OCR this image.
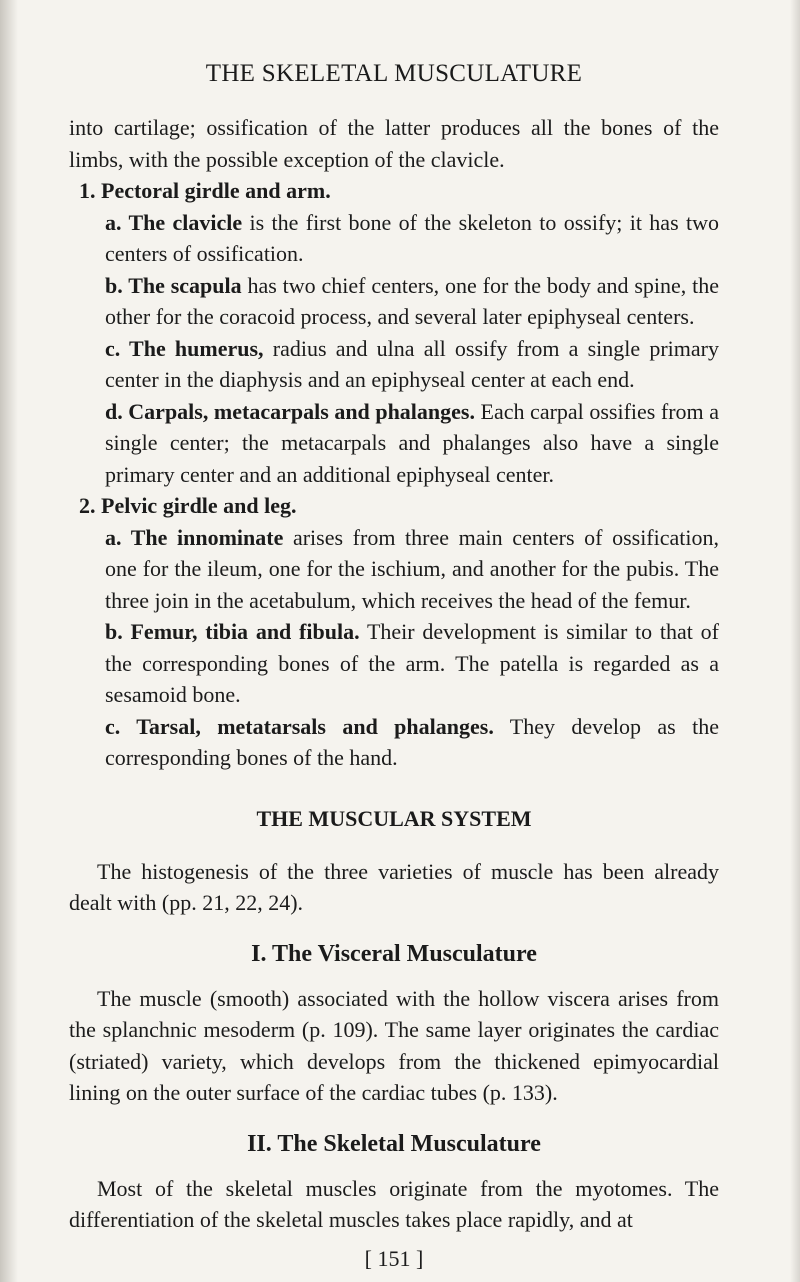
THE SKELETAL MUSCULATURE

into cartilage; ossification of the latter produces all the bones of the limbs, with the possible exception of the clavicle.

1. Pectoral girdle and arm.

a. The clavicle is the first bone of the skeleton to ossify; it has two centers of ossification.

b. The scapula has two chief centers, one for the body and spine, the other for the coracoid process, and several later epiphyseal centers.

c. The humerus, radius and ulna all ossify from a single primary center in the diaphysis and an epiphyseal center at each end.

d. Carpals, metacarpals and phalanges. Each carpal ossifies from a single center; the metacarpals and phalanges also have a single primary center and an additional epiphyseal center.

2. Pelvic girdle and leg.

a. The innominate arises from three main centers of ossification, one for the ileum, one for the ischium, and another for the pubis. The three join in the acetabulum, which receives the head of the femur.

b. Femur, tibia and fibula. Their development is similar to that of the corresponding bones of the arm. The patella is regarded as a sesamoid bone.

c. Tarsal, metatarsals and phalanges. They develop as the corresponding bones of the hand.

THE MUSCULAR SYSTEM

The histogenesis of the three varieties of muscle has been already dealt with (pp. 21, 22, 24).

I. The Visceral Musculature

The muscle (smooth) associated with the hollow viscera arises from the splanchnic mesoderm (p. 109). The same layer originates the cardiac (striated) variety, which develops from the thickened epimyocardial lining on the outer surface of the cardiac tubes (p. 133).

II. The Skeletal Musculature

Most of the skeletal muscles originate from the myotomes. The differentiation of the skeletal muscles takes place rapidly, and at

[ 151 ]
